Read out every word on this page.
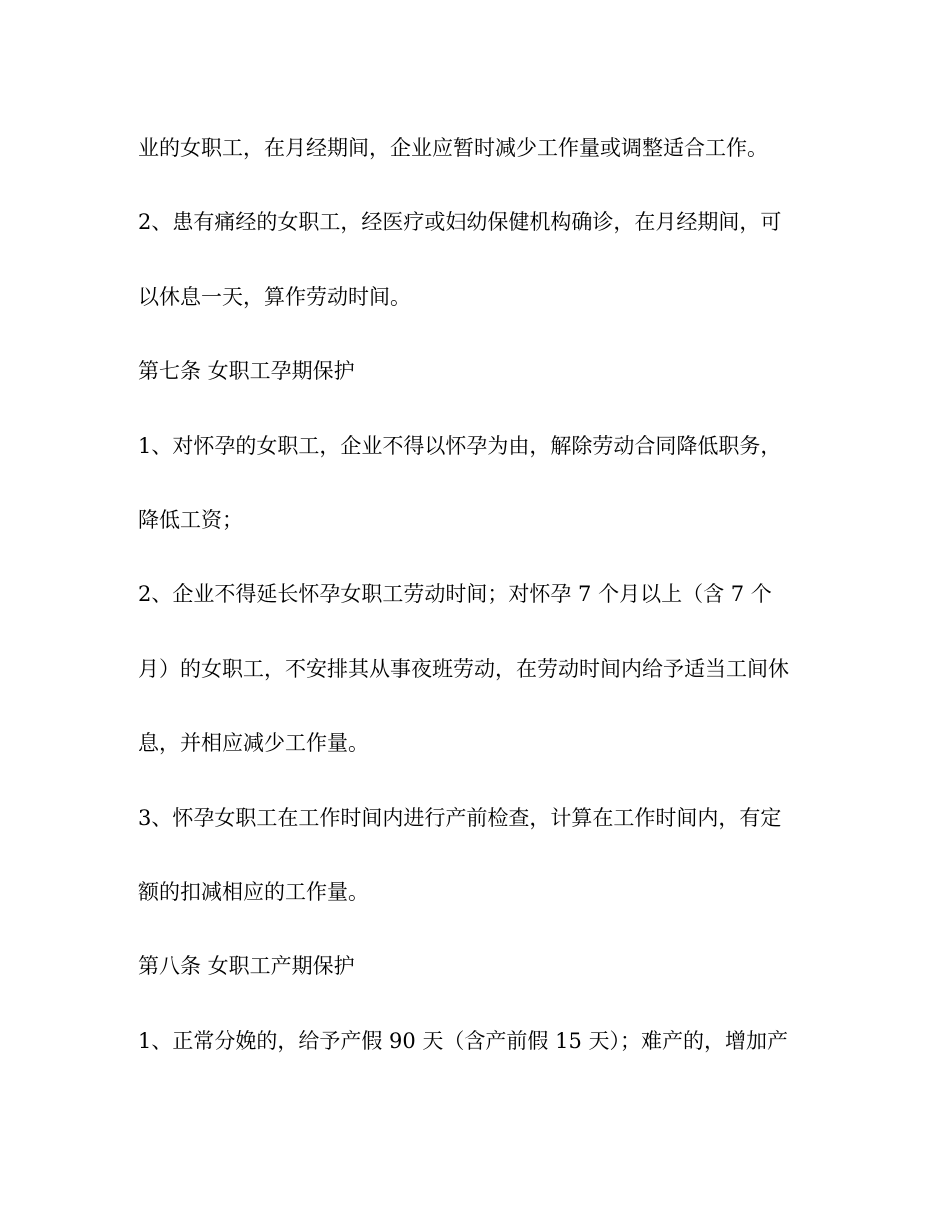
业的女职工，在月经期间，企业应暂时减少工作量或调整适合工作。
2、患有痛经的女职工，经医疗或妇幼保健机构确诊，在月经期间，可
以休息一天，算作劳动时间。
第七条 女职工孕期保护
1、对怀孕的女职工，企业不得以怀孕为由，解除劳动合同降低职务，
降低工资；
2、企业不得延长怀孕女职工劳动时间；对怀孕 7 个月以上（含 7 个
月）的女职工，不安排其从事夜班劳动，在劳动时间内给予适当工间休
息，并相应减少工作量。
3、怀孕女职工在工作时间内进行产前检查，计算在工作时间内，有定
额的扣减相应的工作量。
第八条 女职工产期保护
1、正常分娩的，给予产假 90 天（含产前假 15 天）；难产的，增加产
